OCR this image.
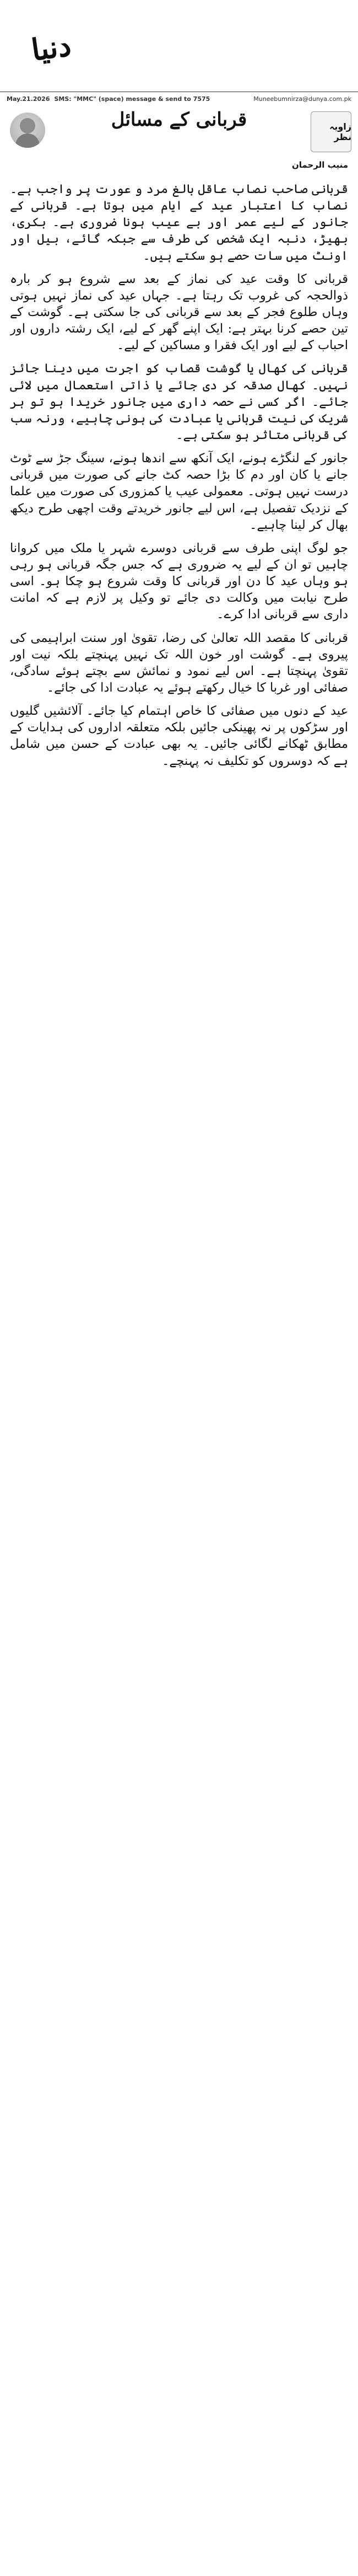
دنیا
May.21.2026 SMS: "MMC" (space) message & send to 7575	Muneebumnirza@dunya.com.pk
قربانی کے مسائل	زاویہ نظر
منیب الرحمان

قربانی صاحب نصاب عاقل بالغ مرد و عورت پر واجب ہے۔ نصاب کا اعتبار عید کے ایام میں ہوتا ہے۔ قربانی کے جانور کے لیے عمر اور بے عیب ہونا ضروری ہے۔ بکری، بھیڑ، دنبہ ایک شخص کی طرف سے جبکہ گائے، بیل اور اونٹ میں سات حصے ہو سکتے ہیں۔

قربانی کا وقت عید کی نماز کے بعد سے شروع ہو کر بارہ ذوالحجہ کی غروب تک رہتا ہے۔ جہاں عید کی نماز نہیں ہوتی وہاں طلوع فجر کے بعد سے قربانی کی جا سکتی ہے۔ گوشت کے تین حصے کرنا بہتر ہے: ایک اپنے گھر کے لیے، ایک رشتہ داروں اور احباب کے لیے اور ایک فقرا و مساکین کے لیے۔

قربانی کی کھال یا گوشت قصاب کو اجرت میں دینا جائز نہیں۔ کھال صدقہ کر دی جائے یا ذاتی استعمال میں لائی جائے۔ اگر کسی نے حصہ داری میں جانور خریدا ہو تو ہر شریک کی نیت قربانی یا عبادت کی ہونی چاہیے، ورنہ سب کی قربانی متاثر ہو سکتی ہے۔

جانور کے لنگڑے ہونے، ایک آنکھ سے اندھا ہونے، سینگ جڑ سے ٹوٹ جانے یا کان اور دم کا بڑا حصہ کٹ جانے کی صورت میں قربانی درست نہیں ہوتی۔ معمولی عیب یا کمزوری کی صورت میں علما کے نزدیک تفصیل ہے، اس لیے جانور خریدتے وقت اچھی طرح دیکھ بھال کر لینا چاہیے۔

جو لوگ اپنی طرف سے قربانی دوسرے شہر یا ملک میں کروانا چاہیں تو ان کے لیے یہ ضروری ہے کہ جس جگہ قربانی ہو رہی ہو وہاں عید کا دن اور قربانی کا وقت شروع ہو چکا ہو۔ اسی طرح نیابت میں وکالت دی جائے تو وکیل پر لازم ہے کہ امانت داری سے قربانی ادا کرے۔

قربانی کا مقصد اللہ تعالیٰ کی رضا، تقویٰ اور سنت ابراہیمی کی پیروی ہے۔ گوشت اور خون اللہ تک نہیں پہنچتے بلکہ نیت اور تقویٰ پہنچتا ہے۔ اس لیے نمود و نمائش سے بچتے ہوئے سادگی، صفائی اور غربا کا خیال رکھتے ہوئے یہ عبادت ادا کی جائے۔

عید کے دنوں میں صفائی کا خاص اہتمام کیا جائے۔ آلائشیں گلیوں اور سڑکوں پر نہ پھینکی جائیں بلکہ متعلقہ اداروں کی ہدایات کے مطابق ٹھکانے لگائی جائیں۔ یہ بھی عبادت کے حسن میں شامل ہے کہ دوسروں کو تکلیف نہ پہنچے۔
